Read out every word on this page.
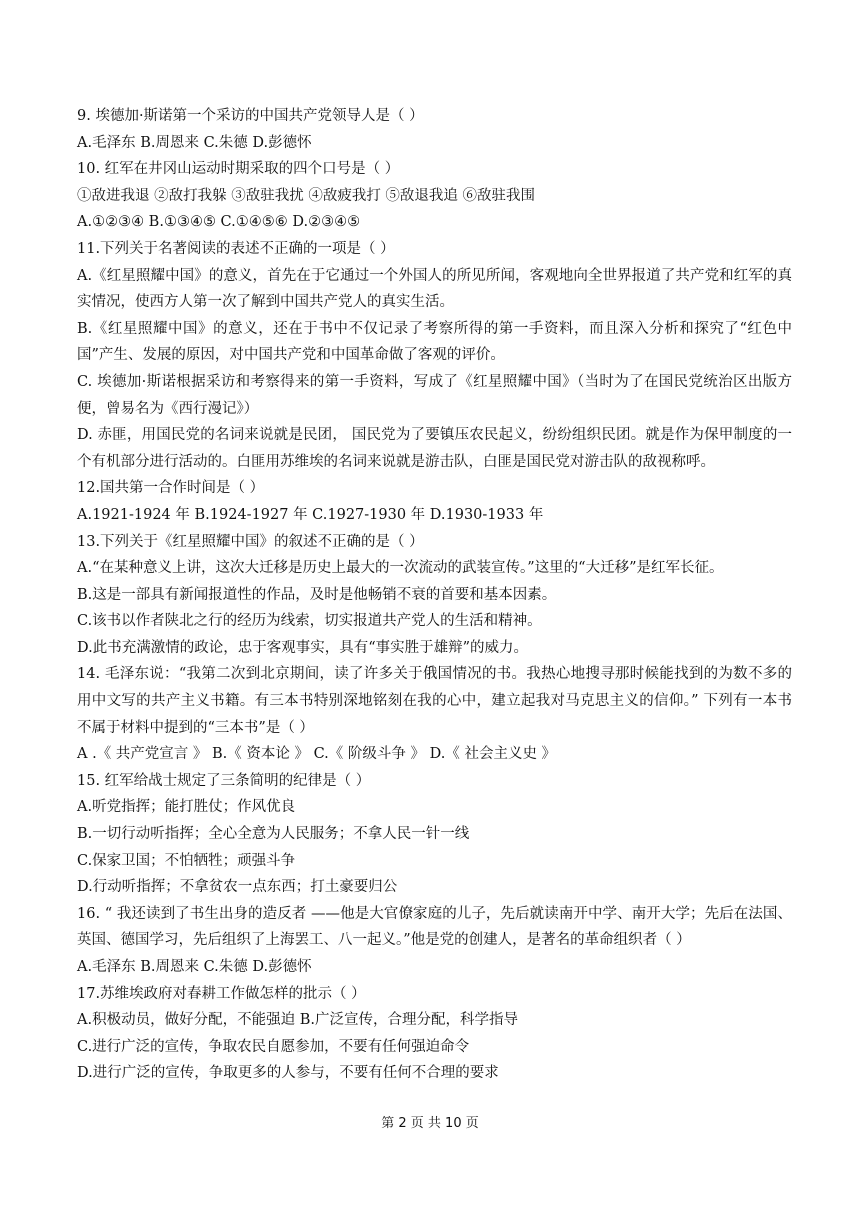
9. 埃德加·斯诺第一个采访的中国共产党领导人是（ ）
A.毛泽东 B.周恩来 C.朱德 D.彭德怀
10. 红军在井冈山运动时期采取的四个口号是（ ）
①敌进我退 ②敌打我躲 ③敌驻我扰 ④敌疲我打 ⑤敌退我追 ⑥敌驻我围
A.①②③④ B.①③④⑤ C.①④⑤⑥ D.②③④⑤
11.下列关于名著阅读的表述不正确的一项是（ ）
A.《红星照耀中国》的意义，首先在于它通过一个外国人的所见所闻，客观地向全世界报道了共产党和红军的真实情况，使西方人第一次了解到中国共产党人的真实生活。
B.《红星照耀中国》的意义，还在于书中不仅记录了考察所得的第一手资料，而且深入分析和探究了“红色中国”产生、发展的原因，对中国共产党和中国革命做了客观的评价。
C. 埃德加·斯诺根据采访和考察得来的第一手资料，写成了《红星照耀中国》（当时为了在国民党统治区出版方便，曾易名为《西行漫记》）
D. 赤匪，用国民党的名词来说就是民团， 国民党为了要镇压农民起义，纷纷组织民团。就是作为保甲制度的一个有机部分进行活动的。白匪用苏维埃的名词来说就是游击队，白匪是国民党对游击队的敌视称呼。
12.国共第一合作时间是（ ）
A.1921-1924 年 B.1924-1927 年 C.1927-1930 年 D.1930-1933 年
13.下列关于《红星照耀中国》的叙述不正确的是（ ）
A.“在某种意义上讲，这次大迁移是历史上最大的一次流动的武装宣传。”这里的“大迁移”是红军长征。
B.这是一部具有新闻报道性的作品，及时是他畅销不衰的首要和基本因素。
C.该书以作者陕北之行的经历为线索，切实报道共产党人的生活和精神。
D.此书充满激情的政论，忠于客观事实，具有“事实胜于雄辩”的威力。
14. 毛泽东说：“我第二次到北京期间，读了许多关于俄国情况的书。我热心地搜寻那时候能找到的为数不多的用中文写的共产主义书籍。有三本书特别深地铭刻在我的心中，建立起我对马克思主义的信仰。” 下列有一本书不属于材料中提到的“三本书”是（ ）
A .《 共产党宣言 》 B.《 资本论 》 C.《 阶级斗争 》 D.《 社会主义史 》
15. 红军给战士规定了三条简明的纪律是（ ）
A.听党指挥；能打胜仗；作风优良
B.一切行动听指挥；全心全意为人民服务；不拿人民一针一线
C.保家卫国；不怕牺牲；顽强斗争
D.行动听指挥；不拿贫农一点东西；打土豪要归公
16. “ 我还读到了书生出身的造反者 ——他是大官僚家庭的儿子，先后就读南开中学、南开大学；先后在法国、英国、德国学习，先后组织了上海罢工、八一起义。”他是党的创建人，是著名的革命组织者（ ）
A.毛泽东 B.周恩来 C.朱德 D.彭德怀
17.苏维埃政府对春耕工作做怎样的批示（ ）
A.积极动员，做好分配，不能强迫 B.广泛宣传，合理分配，科学指导
C.进行广泛的宣传，争取农民自愿参加，不要有任何强迫命令
D.进行广泛的宣传，争取更多的人参与，不要有任何不合理的要求
第 2 页 共 10 页
